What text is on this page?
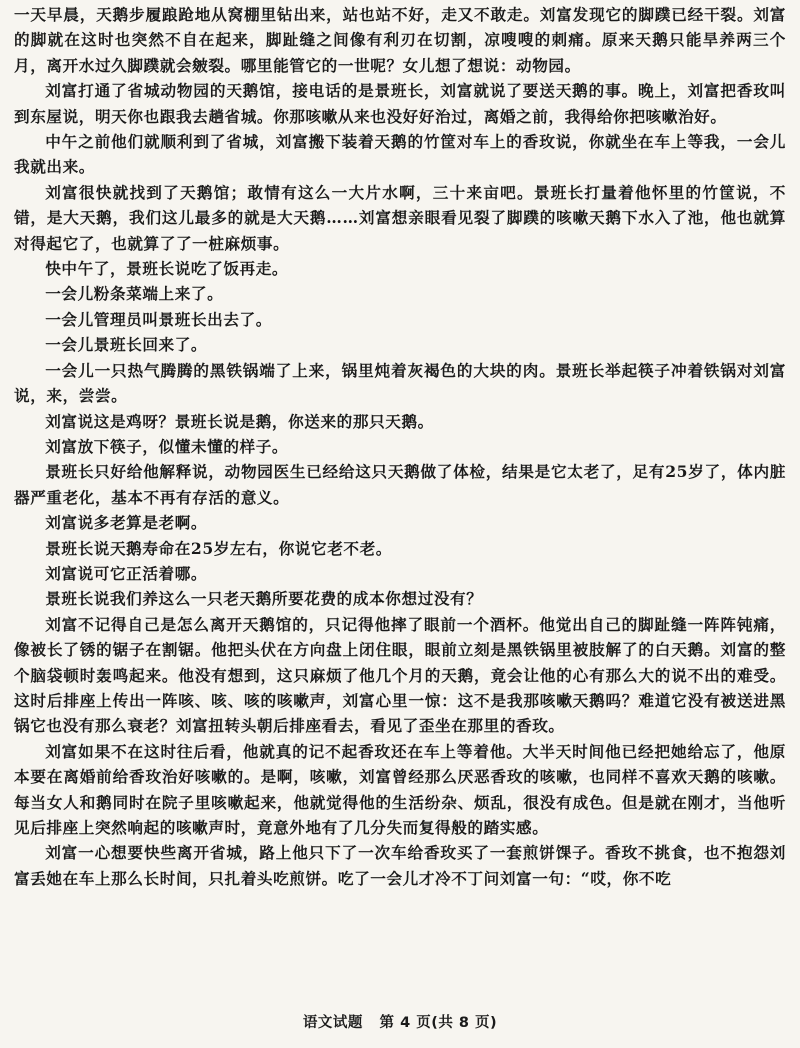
一天早晨，天鹅步履踉跄地从窝棚里钻出来，站也站不好，走又不敢走。刘富发现它的脚蹼已经干裂。刘富的脚就在这时也突然不自在起来，脚趾缝之间像有利刃在切割，凉嗖嗖的刺痛。原来天鹅只能旱养两三个月，离开水过久脚蹼就会皴裂。哪里能管它的一世呢？女儿想了想说：动物园。

刘富打通了省城动物园的天鹅馆，接电话的是景班长，刘富就说了要送天鹅的事。晚上，刘富把香玫叫到东屋说，明天你也跟我去趟省城。你那咳嗽从来也没好好治过，离婚之前，我得给你把咳嗽治好。

中午之前他们就顺利到了省城，刘富搬下装着天鹅的竹筐对车上的香玫说，你就坐在车上等我，一会儿我就出来。

刘富很快就找到了天鹅馆；敢情有这么一大片水啊，三十来亩吧。景班长打量着他怀里的竹筐说，不错，是大天鹅，我们这儿最多的就是大天鹅……刘富想亲眼看见裂了脚蹼的咳嗽天鹅下水入了池，他也就算对得起它了，也就算了了一桩麻烦事。

快中午了，景班长说吃了饭再走。

一会儿粉条菜端上来了。

一会儿管理员叫景班长出去了。

一会儿景班长回来了。

一会儿一只热气腾腾的黑铁锅端了上来，锅里炖着灰褐色的大块的肉。景班长举起筷子冲着铁锅对刘富说，来，尝尝。

刘富说这是鸡呀？景班长说是鹅，你送来的那只天鹅。

刘富放下筷子，似懂未懂的样子。

景班长只好给他解释说，动物园医生已经给这只天鹅做了体检，结果是它太老了，足有25岁了，体内脏器严重老化，基本不再有存活的意义。

刘富说多老算是老啊。

景班长说天鹅寿命在25岁左右，你说它老不老。

刘富说可它正活着哪。

景班长说我们养这么一只老天鹅所要花费的成本你想过没有？

刘富不记得自己是怎么离开天鹅馆的，只记得他摔了眼前一个酒杯。他觉出自己的脚趾缝一阵阵钝痛，像被长了锈的锯子在割锯。他把头伏在方向盘上闭住眼，眼前立刻是黑铁锅里被肢解了的白天鹅。刘富的整个脑袋顿时轰鸣起来。他没有想到，这只麻烦了他几个月的天鹅，竟会让他的心有那么大的说不出的难受。这时后排座上传出一阵咳、咳、咳的咳嗽声，刘富心里一惊：这不是我那咳嗽天鹅吗？难道它没有被送进黑锅它也没有那么衰老？刘富扭转头朝后排座看去，看见了歪坐在那里的香玫。

刘富如果不在这时往后看，他就真的记不起香玫还在车上等着他。大半天时间他已经把她给忘了，他原本要在离婚前给香玫治好咳嗽的。是啊，咳嗽，刘富曾经那么厌恶香玫的咳嗽，也同样不喜欢天鹅的咳嗽。每当女人和鹅同时在院子里咳嗽起来，他就觉得他的生活纷杂、烦乱，很没有成色。但是就在刚才，当他听见后排座上突然响起的咳嗽声时，竟意外地有了几分失而复得般的踏实感。

刘富一心想要快些离开省城，路上他只下了一次车给香玫买了一套煎饼馃子。香玫不挑食，也不抱怨刘富丢她在车上那么长时间，只扎着头吃煎饼。吃了一会儿才冷不丁问刘富一句：“哎，你不吃

语文试题 第 4 页(共 8 页)
